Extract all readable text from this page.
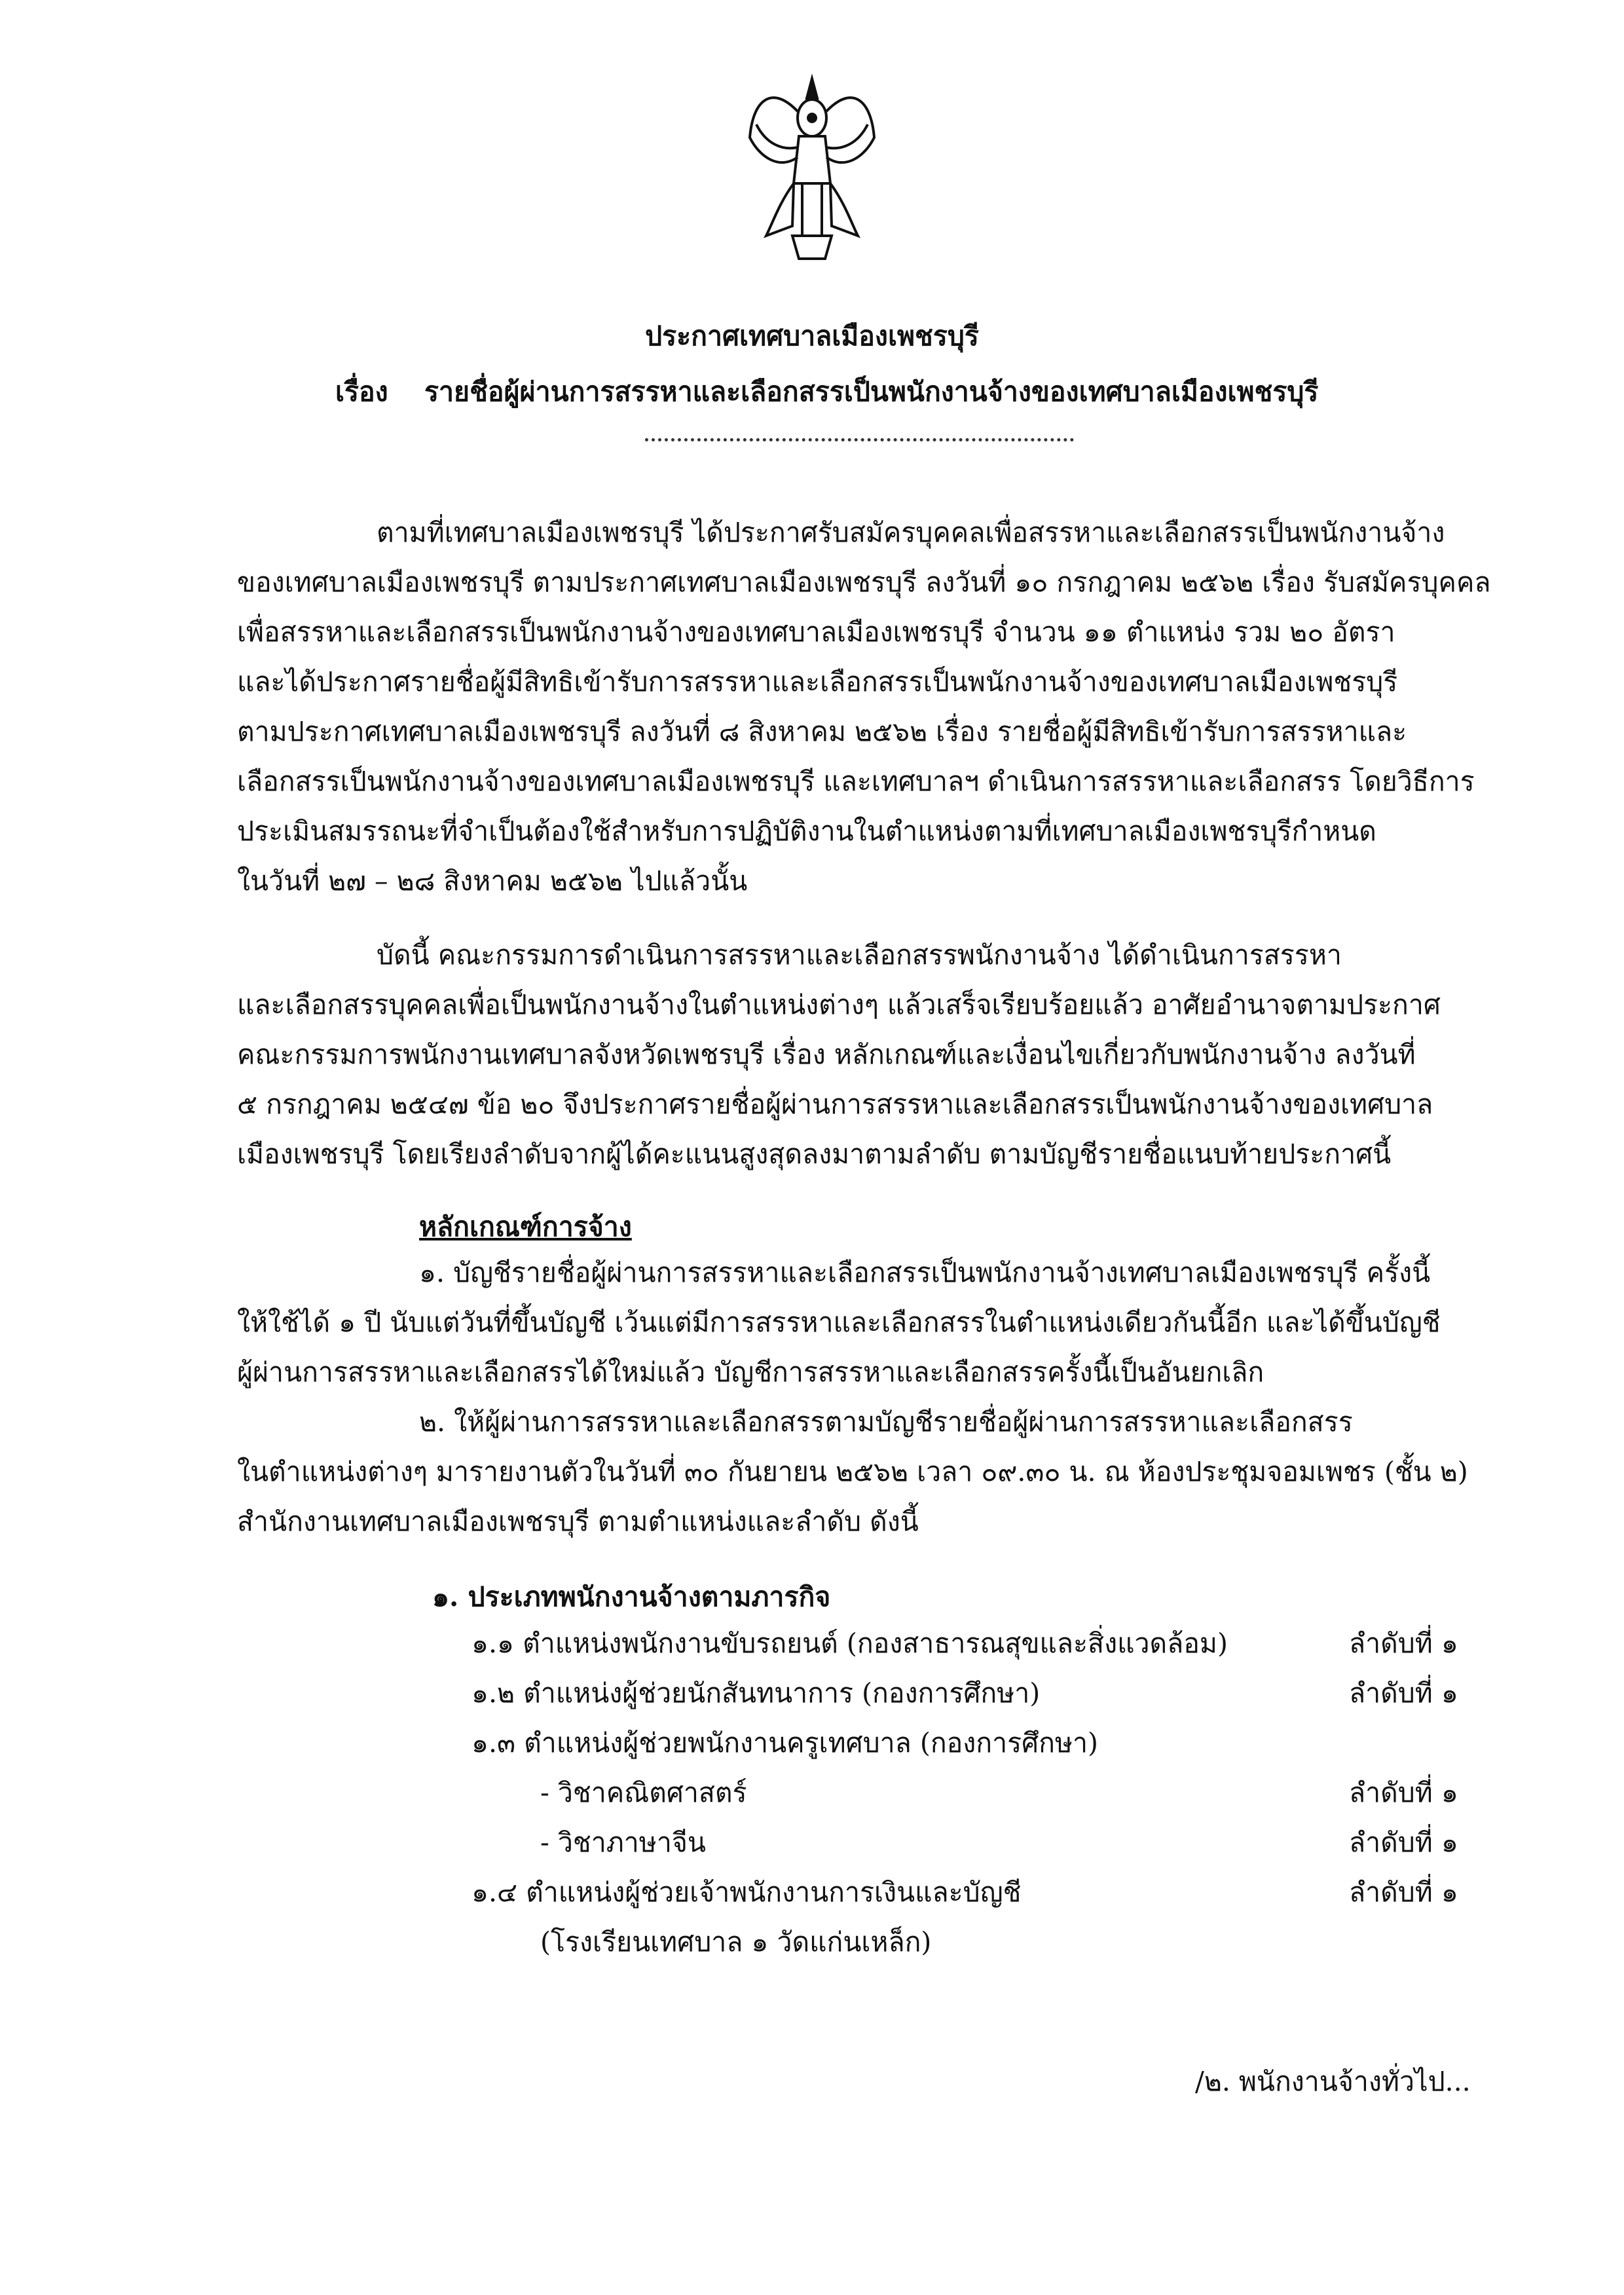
ประกาศเทศบาลเมืองเพชรบุรี
เรื่อง รายชื่อผู้ผ่านการสรรหาและเลือกสรรเป็นพนักงานจ้างของเทศบาลเมืองเพชรบุรี
ตามที่เทศบาลเมืองเพชรบุรี ได้ประกาศรับสมัครบุคคลเพื่อสรรหาและเลือกสรรเป็นพนักงานจ้าง
ของเทศบาลเมืองเพชรบุรี ตามประกาศเทศบาลเมืองเพชรบุรี ลงวันที่ ๑๐ กรกฎาคม ๒๕๖๒ เรื่อง รับสมัครบุคคล
เพื่อสรรหาและเลือกสรรเป็นพนักงานจ้างของเทศบาลเมืองเพชรบุรี จำนวน ๑๑ ตำแหน่ง รวม ๒๐ อัตรา
และได้ประกาศรายชื่อผู้มีสิทธิเข้ารับการสรรหาและเลือกสรรเป็นพนักงานจ้างของเทศบาลเมืองเพชรบุรี
ตามประกาศเทศบาลเมืองเพชรบุรี ลงวันที่ ๘ สิงหาคม ๒๕๖๒ เรื่อง รายชื่อผู้มีสิทธิเข้ารับการสรรหาและ
เลือกสรรเป็นพนักงานจ้างของเทศบาลเมืองเพชรบุรี และเทศบาลฯ ดำเนินการสรรหาและเลือกสรร โดยวิธีการ
ประเมินสมรรถนะที่จำเป็นต้องใช้สำหรับการปฏิบัติงานในตำแหน่งตามที่เทศบาลเมืองเพชรบุรีกำหนด
ในวันที่ ๒๗ – ๒๘ สิงหาคม ๒๕๖๒ ไปแล้วนั้น
บัดนี้ คณะกรรมการดำเนินการสรรหาและเลือกสรรพนักงานจ้าง ได้ดำเนินการสรรหา
และเลือกสรรบุคคลเพื่อเป็นพนักงานจ้างในตำแหน่งต่างๆ แล้วเสร็จเรียบร้อยแล้ว อาศัยอำนาจตามประกาศ
คณะกรรมการพนักงานเทศบาลจังหวัดเพชรบุรี เรื่อง หลักเกณฑ์และเงื่อนไขเกี่ยวกับพนักงานจ้าง ลงวันที่
๕ กรกฎาคม ๒๕๔๗ ข้อ ๒๐ จึงประกาศรายชื่อผู้ผ่านการสรรหาและเลือกสรรเป็นพนักงานจ้างของเทศบาล
เมืองเพชรบุรี โดยเรียงลำดับจากผู้ได้คะแนนสูงสุดลงมาตามลำดับ ตามบัญชีรายชื่อแนบท้ายประกาศนี้
หลักเกณฑ์การจ้าง
๑. บัญชีรายชื่อผู้ผ่านการสรรหาและเลือกสรรเป็นพนักงานจ้างเทศบาลเมืองเพชรบุรี ครั้งนี้
ให้ใช้ได้ ๑ ปี นับแต่วันที่ขึ้นบัญชี เว้นแต่มีการสรรหาและเลือกสรรในตำแหน่งเดียวกันนี้อีก และได้ขึ้นบัญชี
ผู้ผ่านการสรรหาและเลือกสรรได้ใหม่แล้ว บัญชีการสรรหาและเลือกสรรครั้งนี้เป็นอันยกเลิก
๒. ให้ผู้ผ่านการสรรหาและเลือกสรรตามบัญชีรายชื่อผู้ผ่านการสรรหาและเลือกสรร
ในตำแหน่งต่างๆ มารายงานตัวในวันที่ ๓๐ กันยายน ๒๕๖๒ เวลา ๐๙.๓๐ น. ณ ห้องประชุมจอมเพชร (ชั้น ๒)
สำนักงานเทศบาลเมืองเพชรบุรี ตามตำแหน่งและลำดับ ดังนี้
๑. ประเภทพนักงานจ้างตามภารกิจ
๑.๑ ตำแหน่งพนักงานขับรถยนต์ (กองสาธารณสุขและสิ่งแวดล้อม)	ลำดับที่ ๑
๑.๒ ตำแหน่งผู้ช่วยนักสันทนาการ (กองการศึกษา)	ลำดับที่ ๑
๑.๓ ตำแหน่งผู้ช่วยพนักงานครูเทศบาล (กองการศึกษา)
- วิชาคณิตศาสตร์	ลำดับที่ ๑
- วิชาภาษาจีน	ลำดับที่ ๑
๑.๔ ตำแหน่งผู้ช่วยเจ้าพนักงานการเงินและบัญชี	ลำดับที่ ๑
(โรงเรียนเทศบาล ๑ วัดแก่นเหล็ก)
/๒. พนักงานจ้างทั่วไป...
